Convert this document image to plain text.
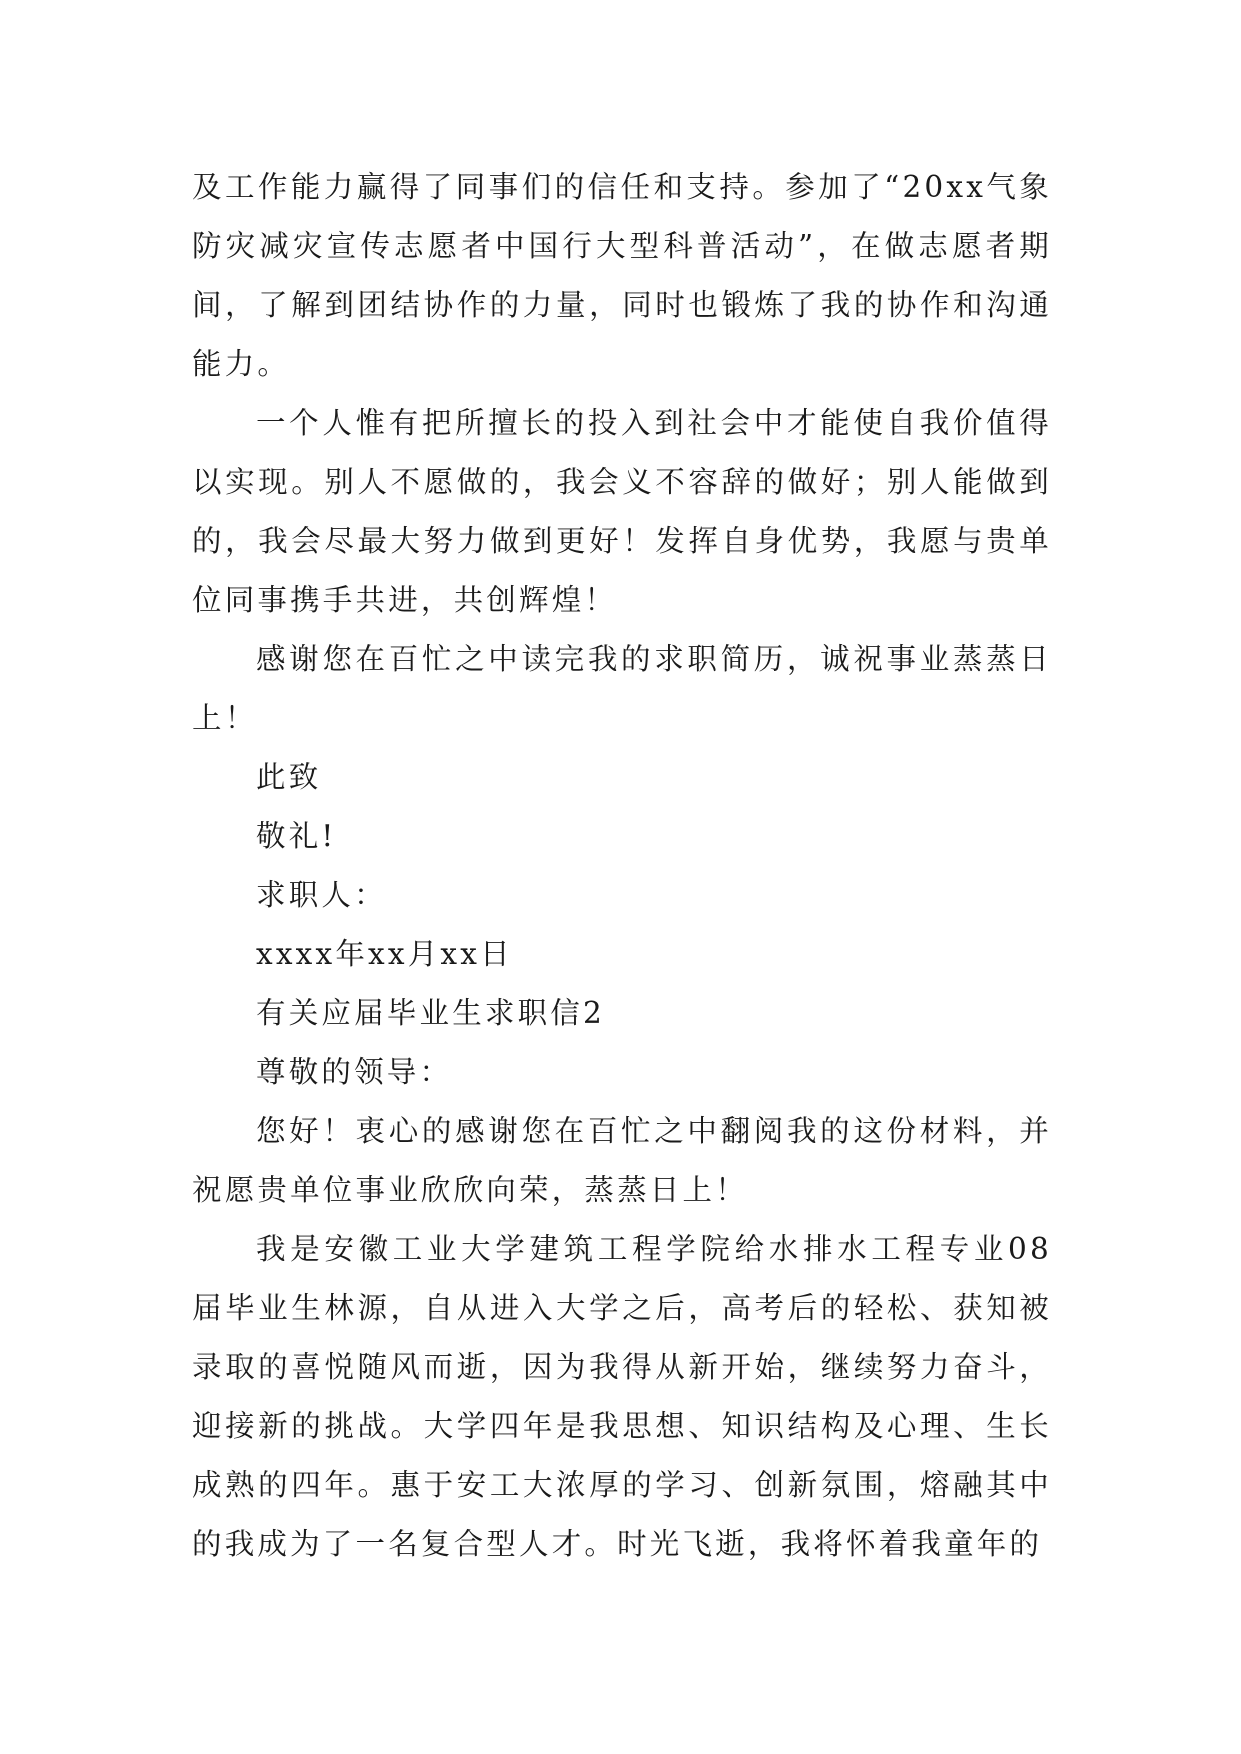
及工作能力赢得了同事们的信任和支持。参加了“20xx气象防灾减灾宣传志愿者中国行大型科普活动”，在做志愿者期间，了解到团结协作的力量，同时也锻炼了我的协作和沟通能力。

一个人惟有把所擅长的投入到社会中才能使自我价值得以实现。别人不愿做的，我会义不容辞的做好；别人能做到的，我会尽最大努力做到更好！发挥自身优势，我愿与贵单位同事携手共进，共创辉煌！

感谢您在百忙之中读完我的求职简历，诚祝事业蒸蒸日上！

此致

敬礼!

求职人：

xxxx年xx月xx日

有关应届毕业生求职信2

尊敬的领导：

您好！衷心的感谢您在百忙之中翻阅我的这份材料，并祝愿贵单位事业欣欣向荣，蒸蒸日上！

我是安徽工业大学建筑工程学院给水排水工程专业08届毕业生林源，自从进入大学之后，高考后的轻松、获知被录取的喜悦随风而逝，因为我得从新开始，继续努力奋斗，迎接新的挑战。大学四年是我思想、知识结构及心理、生长成熟的四年。惠于安工大浓厚的学习、创新氛围，熔融其中的我成为了一名复合型人才。时光飞逝，我将怀着我童年的
